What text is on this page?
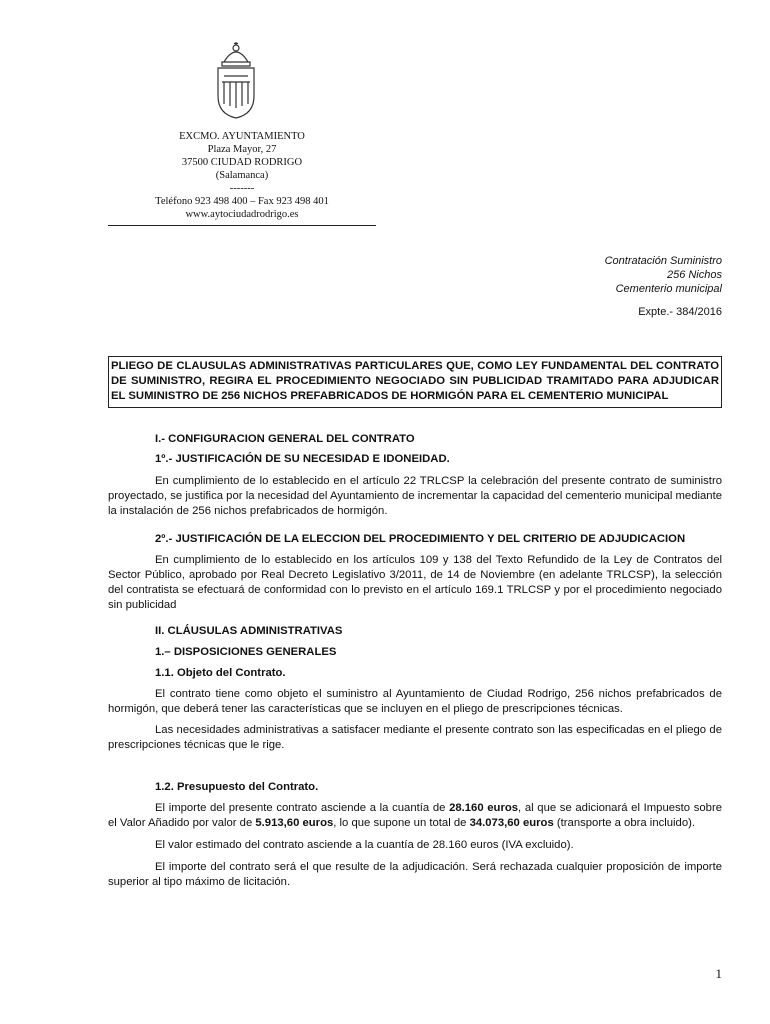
EXCMO. AYUNTAMIENTO
Plaza Mayor, 27
37500 CIUDAD RODRIGO
(Salamanca)
-------
Teléfono 923 498 400 – Fax 923 498 401
www.aytociudadrodrigo.es
Contratación Suministro
256 Nichos
Cementerio municipal
Expte.- 384/2016
PLIEGO DE CLAUSULAS ADMINISTRATIVAS PARTICULARES QUE, COMO LEY FUNDAMENTAL DEL CONTRATO DE SUMINISTRO, REGIRA EL PROCEDIMIENTO NEGOCIADO SIN PUBLICIDAD TRAMITADO PARA ADJUDICAR EL SUMINISTRO DE 256 NICHOS PREFABRICADOS DE HORMIGÓN PARA EL CEMENTERIO MUNICIPAL

I.- CONFIGURACION GENERAL DEL CONTRATO

1º.- JUSTIFICACIÓN DE SU NECESIDAD E IDONEIDAD.

En cumplimiento de lo establecido en el artículo 22 TRLCSP la celebración del presente contrato de suministro proyectado, se justifica por la necesidad del Ayuntamiento de incrementar la capacidad del cementerio municipal mediante la instalación de 256 nichos prefabricados de hormigón.

2º.- JUSTIFICACIÓN DE LA ELECCION DEL PROCEDIMIENTO Y DEL CRITERIO DE ADJUDICACION

En cumplimiento de lo establecido en los artículos 109 y 138 del Texto Refundido de la Ley de Contratos del Sector Público, aprobado por Real Decreto Legislativo 3/2011, de 14 de Noviembre (en adelante TRLCSP), la selección del contratista se efectuará de conformidad con lo previsto en el artículo 169.1 TRLCSP y por el procedimiento negociado sin publicidad

II. CLÁUSULAS ADMINISTRATIVAS

1.– DISPOSICIONES GENERALES

1.1. Objeto del Contrato.

El contrato tiene como objeto el suministro al Ayuntamiento de Ciudad Rodrigo, 256 nichos prefabricados de hormigón, que deberá tener las características que se incluyen en el pliego de prescripciones técnicas.

Las necesidades administrativas a satisfacer mediante el presente contrato son las especificadas en el pliego de prescripciones técnicas que le rige.

1.2. Presupuesto del Contrato.

El importe del presente contrato asciende a la cuantía de 28.160 euros, al que se adicionará el Impuesto sobre el Valor Añadido por valor de 5.913,60 euros, lo que supone un total de 34.073,60 euros (transporte a obra incluido).

El valor estimado del contrato asciende a la cuantía de 28.160 euros (IVA excluido).

El importe del contrato será el que resulte de la adjudicación. Será rechazada cualquier proposición de importe superior al tipo máximo de licitación.

1
